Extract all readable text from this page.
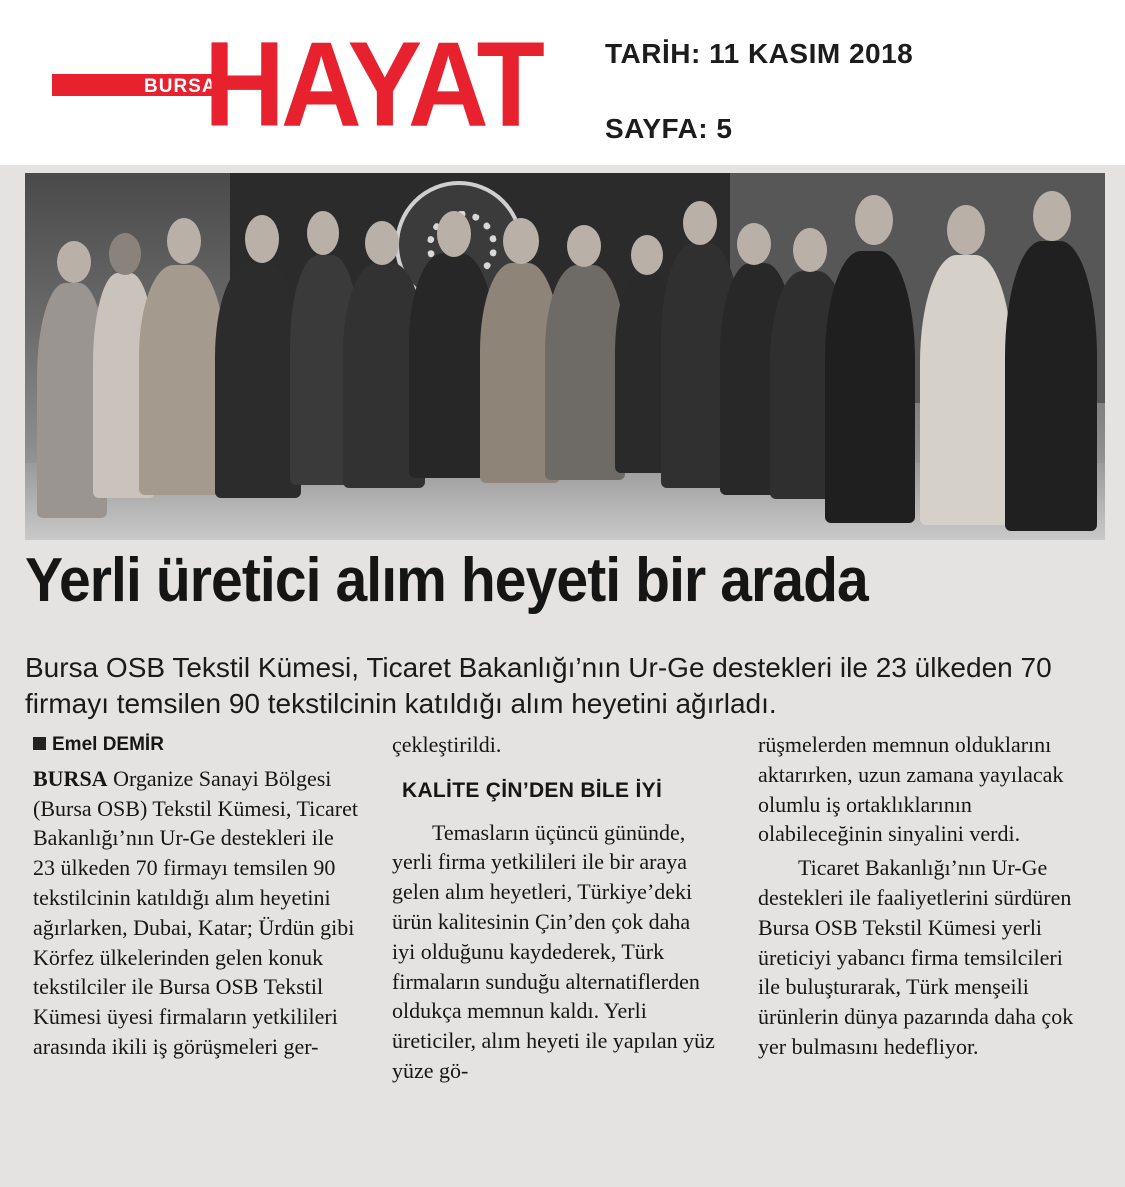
BURSA
HAYAT TARİH: 11 KASIM 2018
SAYFA: 5
Yerli üretici alım heyeti bir arada

Bursa OSB Tekstil Kümesi, Ticaret Bakanlığı’nın Ur-Ge destekleri ile 23 ülkeden 70 firmayı temsilen 90 tekstilcinin katıldığı alım heyetini ağırladı.

Emel DEMİR

BURSA Organize Sanayi Bölgesi (Bursa OSB) Tekstil Kümesi, Ticaret Bakanlığı’nın Ur-Ge destekleri ile 23 ülkeden 70 firmayı temsilen 90 tekstilcinin katıldığı alım heyetini ağırlarken, Dubai, Katar; Ürdün gibi Körfez ülkelerinden gelen konuk tekstilciler ile Bursa OSB Tekstil Kümesi üyesi firmaların yetkilileri arasında ikili iş görüşmeleri ger-

çekleştirildi.

KALİTE ÇİN’DEN BİLE İYİ

Temasların üçüncü gününde, yerli firma yetkilileri ile bir araya gelen alım heyetleri, Türkiye’deki ürün kalitesinin Çin’den çok daha iyi olduğunu kaydederek, Türk firmaların sunduğu alternatiflerden oldukça memnun kaldı. Yerli üreticiler, alım heyeti ile yapılan yüz yüze gö-

rüşmelerden memnun olduklarını aktarırken, uzun zamana yayılacak olumlu iş ortaklıklarının olabileceğinin sinyalini verdi.

Ticaret Bakanlığı’nın Ur-Ge destekleri ile faaliyetlerini sürdüren Bursa OSB Tekstil Kümesi yerli üreticiyi yabancı firma temsilcileri ile buluşturarak, Türk menşeili ürünlerin dünya pazarında daha çok yer bulmasını hedefliyor.
